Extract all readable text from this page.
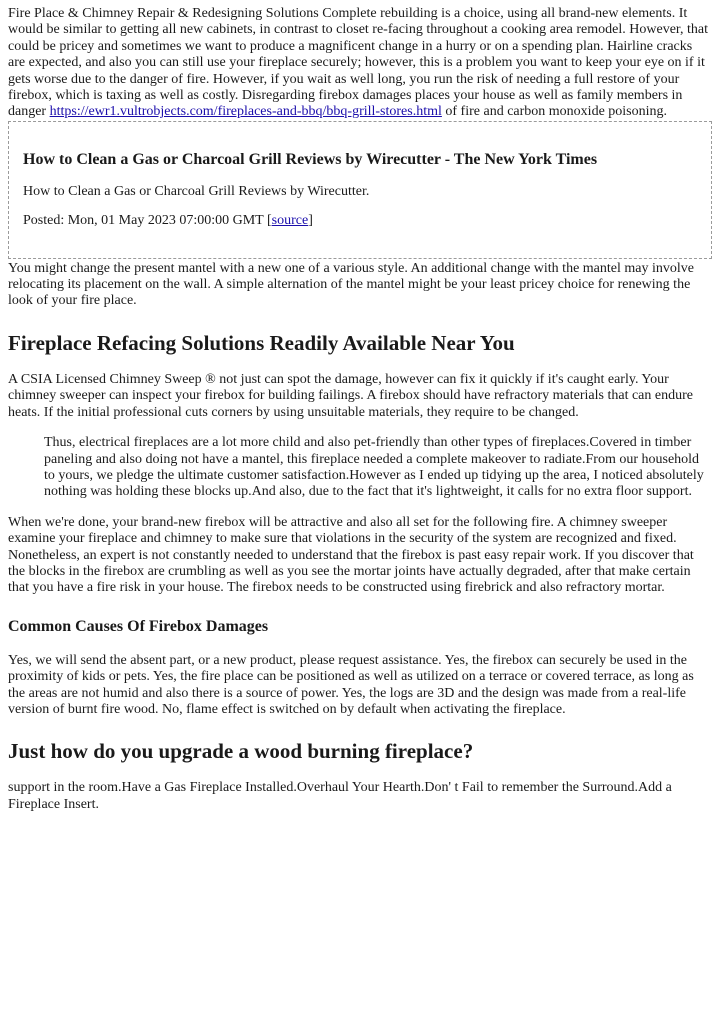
Fire Place & Chimney Repair & Redesigning Solutions Complete rebuilding is a choice, using all brand-new elements. It would be similar to getting all new cabinets, in contrast to closet re-facing throughout a cooking area remodel. However, that could be pricey and sometimes we want to produce a magnificent change in a hurry or on a spending plan. Hairline cracks are expected, and also you can still use your fireplace securely; however, this is a problem you want to keep your eye on if it gets worse due to the danger of fire. However, if you wait as well long, you run the risk of needing a full restore of your firebox, which is taxing as well as costly. Disregarding firebox damages places your house as well as family members in danger https://ewr1.vultrobjects.com/fireplaces-and-bbq/bbq-grill-stores.html of fire and carbon monoxide poisoning.

How to Clean a Gas or Charcoal Grill Reviews by Wirecutter - The New York Times

How to Clean a Gas or Charcoal Grill Reviews by Wirecutter.

Posted: Mon, 01 May 2023 07:00:00 GMT [source]

You might change the present mantel with a new one of a various style. An additional change with the mantel may involve relocating its placement on the wall. A simple alternation of the mantel might be your least pricey choice for renewing the look of your fire place.

Fireplace Refacing Solutions Readily Available Near You

A CSIA Licensed Chimney Sweep ® not just can spot the damage, however can fix it quickly if it's caught early. Your chimney sweeper can inspect your firebox for building failings. A firebox should have refractory materials that can endure heats. If the initial professional cuts corners by using unsuitable materials, they require to be changed.

Thus, electrical fireplaces are a lot more child and also pet-friendly than other types of fireplaces.Covered in timber paneling and also doing not have a mantel, this fireplace needed a complete makeover to radiate.From our household to yours, we pledge the ultimate customer satisfaction.However as I ended up tidying up the area, I noticed absolutely nothing was holding these blocks up.And also, due to the fact that it's lightweight, it calls for no extra floor support.

When we're done, your brand-new firebox will be attractive and also all set for the following fire. A chimney sweeper examine your fireplace and chimney to make sure that violations in the security of the system are recognized and fixed. Nonetheless, an expert is not constantly needed to understand that the firebox is past easy repair work. If you discover that the blocks in the firebox are crumbling as well as you see the mortar joints have actually degraded, after that make certain that you have a fire risk in your house. The firebox needs to be constructed using firebrick and also refractory mortar.

Common Causes Of Firebox Damages

Yes, we will send the absent part, or a new product, please request assistance. Yes, the firebox can securely be used in the proximity of kids or pets. Yes, the fire place can be positioned as well as utilized on a terrace or covered terrace, as long as the areas are not humid and also there is a source of power. Yes, the logs are 3D and the design was made from a real-life version of burnt fire wood. No, flame effect is switched on by default when activating the fireplace.

Just how do you upgrade a wood burning fireplace?

support in the room.Have a Gas Fireplace Installed.Overhaul Your Hearth.Don' t Fail to remember the Surround.Add a Fireplace Insert.
